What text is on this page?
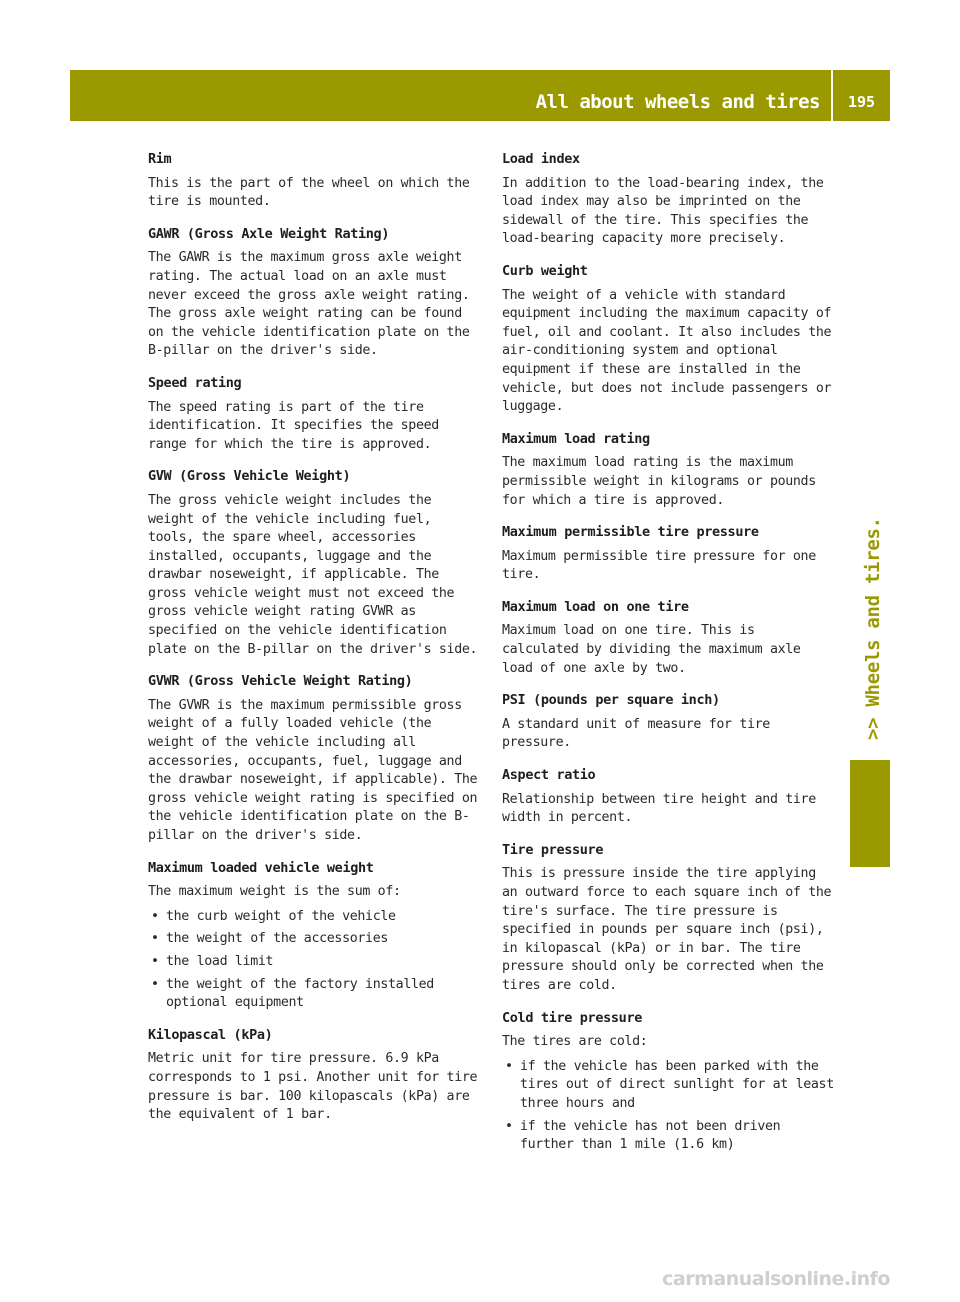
All about wheels and tires	195
>> Wheels and tires.
Rim

This is the part of the wheel on which the tire is mounted.

GAWR (Gross Axle Weight Rating)

The GAWR is the maximum gross axle weight rating. The actual load on an axle must never exceed the gross axle weight rating. The gross axle weight rating can be found on the vehicle identification plate on the B-pillar on the driver's side.

Speed rating

The speed rating is part of the tire identification. It specifies the speed range for which the tire is approved.

GVW (Gross Vehicle Weight)

The gross vehicle weight includes the weight of the vehicle including fuel, tools, the spare wheel, accessories installed, occupants, luggage and the drawbar noseweight, if applicable. The gross vehicle weight must not exceed the gross vehicle weight rating GVWR as specified on the vehicle identification plate on the B-pillar on the driver's side.

GVWR (Gross Vehicle Weight Rating)

The GVWR is the maximum permissible gross weight of a fully loaded vehicle (the weight of the vehicle including all accessories, occupants, fuel, luggage and the drawbar noseweight, if applicable). The gross vehicle weight rating is specified on the vehicle identification plate on the B-pillar on the driver's side.

Maximum loaded vehicle weight

The maximum weight is the sum of:

• the curb weight of the vehicle
• the weight of the accessories
• the load limit
• the weight of the factory installed optional equipment
Kilopascal (kPa)

Metric unit for tire pressure. 6.9 kPa corresponds to 1 psi. Another unit for tire pressure is bar. 100 kilopascals (kPa) are the equivalent of 1 bar.

Load index

In addition to the load-bearing index, the load index may also be imprinted on the sidewall of the tire. This specifies the load-bearing capacity more precisely.

Curb weight

The weight of a vehicle with standard equipment including the maximum capacity of fuel, oil and coolant. It also includes the air-conditioning system and optional equipment if these are installed in the vehicle, but does not include passengers or luggage.

Maximum load rating

The maximum load rating is the maximum permissible weight in kilograms or pounds for which a tire is approved.

Maximum permissible tire pressure

Maximum permissible tire pressure for one tire.

Maximum load on one tire

Maximum load on one tire. This is calculated by dividing the maximum axle load of one axle by two.

PSI (pounds per square inch)

A standard unit of measure for tire pressure.

Aspect ratio

Relationship between tire height and tire width in percent.

Tire pressure

This is pressure inside the tire applying an outward force to each square inch of the tire's surface. The tire pressure is specified in pounds per square inch (psi), in kilopascal (kPa) or in bar. The tire pressure should only be corrected when the tires are cold.

Cold tire pressure

The tires are cold:

• if the vehicle has been parked with the tires out of direct sunlight for at least three hours and
• if the vehicle has not been driven further than 1 mile (1.6 km)
carmanualsonline.info
